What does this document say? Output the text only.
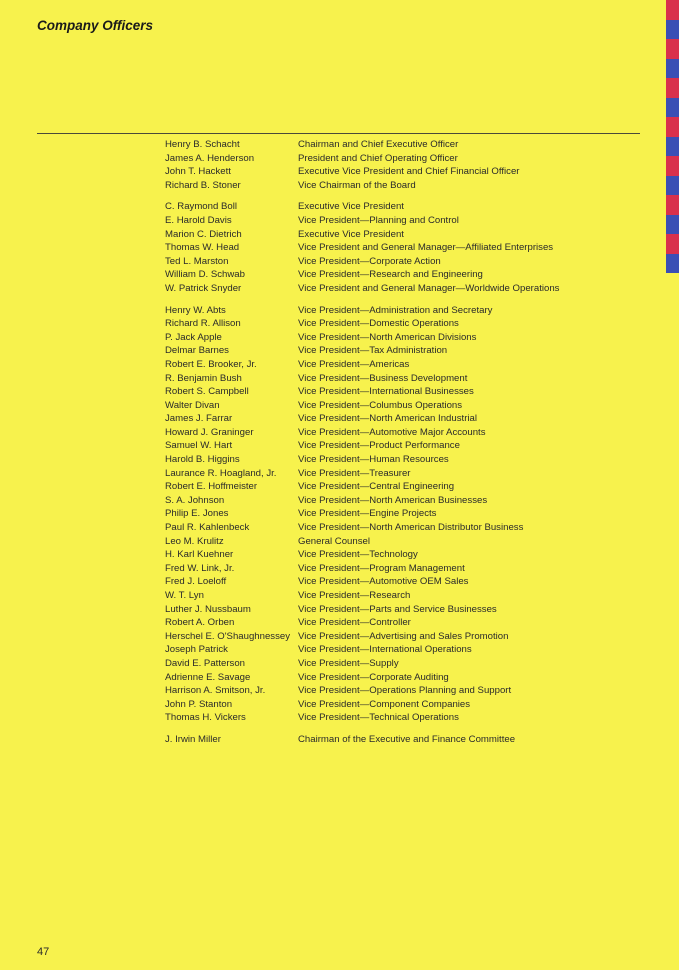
Company Officers
Henry B. Schacht	Chairman and Chief Executive Officer
James A. Henderson	President and Chief Operating Officer
John T. Hackett	Executive Vice President and Chief Financial Officer
Richard B. Stoner	Vice Chairman of the Board
C. Raymond Boll	Executive Vice President
E. Harold Davis	Vice President—Planning and Control
Marion C. Dietrich	Executive Vice President
Thomas W. Head	Vice President and General Manager—Affiliated Enterprises
Ted L. Marston	Vice President—Corporate Action
William D. Schwab	Vice President—Research and Engineering
W. Patrick Snyder	Vice President and General Manager—Worldwide Operations
Henry W. Abts	Vice President—Administration and Secretary
Richard R. Allison	Vice President—Domestic Operations
P. Jack Apple	Vice President—North American Divisions
Delmar Barnes	Vice President—Tax Administration
Robert E. Brooker, Jr.	Vice President—Americas
R. Benjamin Bush	Vice President—Business Development
Robert S. Campbell	Vice President—International Businesses
Walter Divan	Vice President—Columbus Operations
James J. Farrar	Vice President—North American Industrial
Howard J. Graninger	Vice President—Automotive Major Accounts
Samuel W. Hart	Vice President—Product Performance
Harold B. Higgins	Vice President—Human Resources
Laurance R. Hoagland, Jr.	Vice President—Treasurer
Robert E. Hoffmeister	Vice President—Central Engineering
S. A. Johnson	Vice President—North American Businesses
Philip E. Jones	Vice President—Engine Projects
Paul R. Kahlenbeck	Vice President—North American Distributor Business
Leo M. Krulitz	General Counsel
H. Karl Kuehner	Vice President—Technology
Fred W. Link, Jr.	Vice President—Program Management
Fred J. Loeloff	Vice President—Automotive OEM Sales
W. T. Lyn	Vice President—Research
Luther J. Nussbaum	Vice President—Parts and Service Businesses
Robert A. Orben	Vice President—Controller
Herschel E. O'Shaughnessey Vice President—Advertising and Sales Promotion
Joseph Patrick	Vice President—International Operations
David E. Patterson	Vice President—Supply
Adrienne E. Savage	Vice President—Corporate Auditing
Harrison A. Smitson, Jr.	Vice President—Operations Planning and Support
John P. Stanton	Vice President—Component Companies
Thomas H. Vickers	Vice President—Technical Operations
J. Irwin Miller	Chairman of the Executive and Finance Committee
47
